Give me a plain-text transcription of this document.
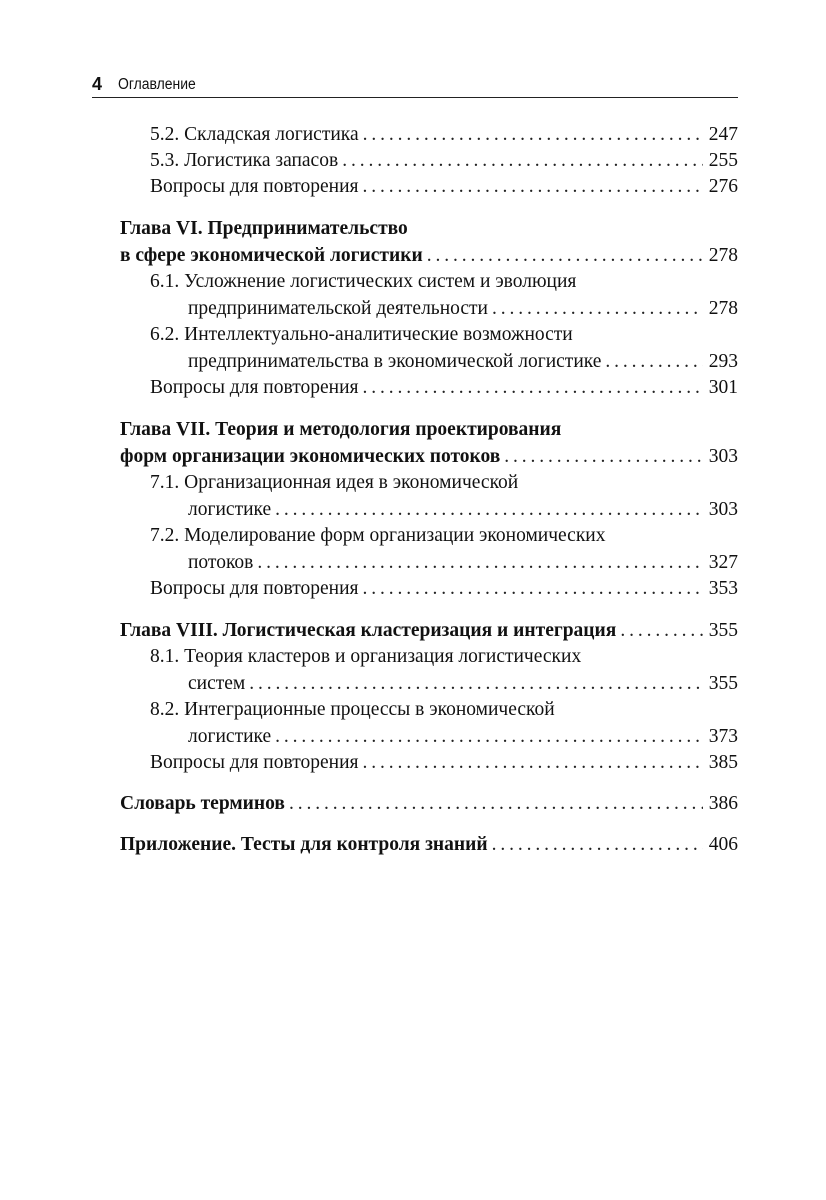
4 Оглавление
5.2. Складская логистика . . .	247
5.3. Логистика запасов . . .	255
Вопросы для повторения . . .	276
Глава VI. Предпринимательство
в сфере экономической логистики . . .	278
6.1. Усложнение логистических систем и эволюция
предпринимательской деятельности . . .	278
6.2. Интеллектуально-аналитические возможности
предпринимательства в экономической логистике . . .	293
Вопросы для повторения . . .	301
Глава VII. Теория и методология проектирования
форм организации экономических потоков . . .	303
7.1. Организационная идея в экономической
логистике . . .	303
7.2. Моделирование форм организации экономических
потоков . . .	327
Вопросы для повторения . . .	353
Глава VIII. Логистическая кластеризация и интеграция . . .	355
8.1. Теория кластеров и организация логистических
систем . . .	355
8.2. Интеграционные процессы в экономической
логистике . . .	373
Вопросы для повторения . . .	385
Словарь терминов . . .	386
Приложение. Тесты для контроля знаний . . .	406
